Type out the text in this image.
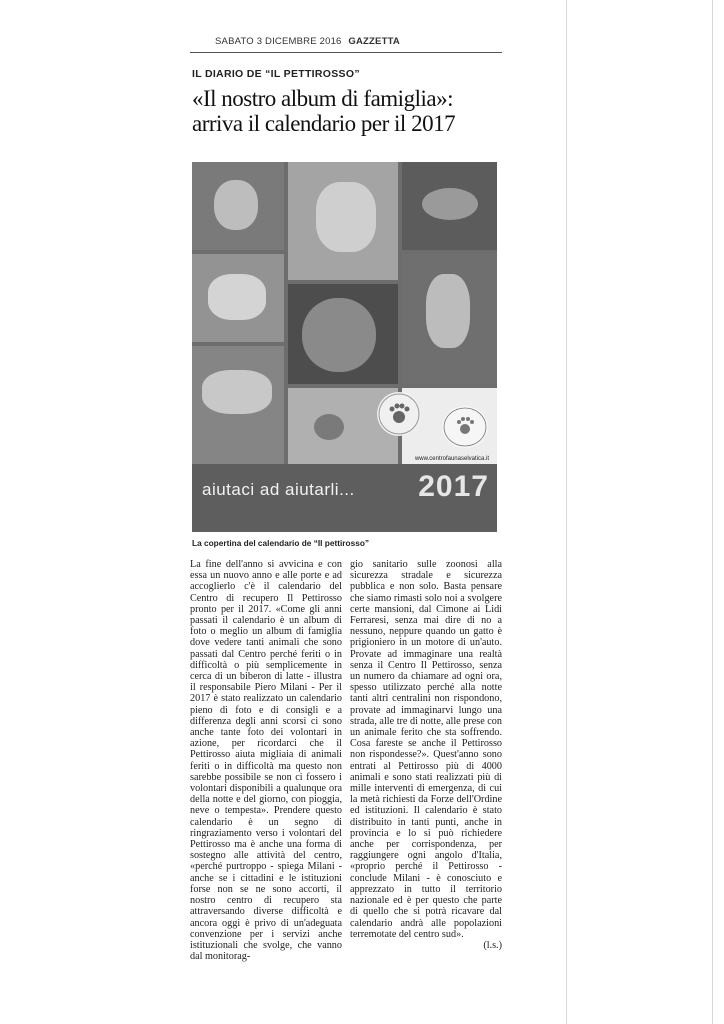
SABATO 3 DICEMBRE 2016 GAZZETTA
IL DIARIO DE “IL PETTIROSSO”
«Il nostro album di famiglia»: arriva il calendario per il 2017
www.centrofaunaselvatica.it
aiutaci ad aiutarli... 2017
La copertina del calendario de “Il pettirosso”

La fine dell'anno si avvicina e con essa un nuovo anno e alle porte e ad accoglierlo c'è il calendario del Centro di recupero Il Pettirosso pronto per il 2017. «Come gli anni passati il calendario è un album di foto o meglio un album di famiglia dove vedere tanti animali che sono passati dal Centro perché feriti o in difficoltà o più semplicemente in cerca di un biberon di latte - illustra il responsabile Piero Milani - Per il 2017 è stato realizzato un calendario pieno di foto e di consigli e a differenza degli anni scorsi ci sono anche tante foto dei volontari in azione, per ricordarci che il Pettirosso aiuta migliaia di animali feriti o in difficoltà ma questo non sarebbe possibile se non ci fossero i volontari disponibili a qualunque ora della notte e del giorno, con pioggia, neve o tempesta». Prendere questo calendario è un segno di ringraziamento verso i volontari del Pettirosso ma è anche una forma di sostegno alle attività del centro, «perché purtroppo - spiega Milani - anche se i cittadini e le istituzioni forse non se ne sono accorti, il nostro centro di recupero sta attraversando diverse difficoltà e ancora oggi è privo di un'adeguata convenzione per i servizi anche istituzionali che svolge, che vanno dal monitorag-

gio sanitario sulle zoonosi alla sicurezza stradale e sicurezza pubblica e non solo. Basta pensare che siamo rimasti solo noi a svolgere certe mansioni, dal Cimone ai Lidi Ferraresi, senza mai dire di no a nessuno, neppure quando un gatto è prigioniero in un motore di un'auto. Provate ad immaginare una realtà senza il Centro Il Pettirosso, senza un numero da chiamare ad ogni ora, spesso utilizzato perché alla notte tanti altri centralini non rispondono, provate ad immaginarvi lungo una strada, alle tre di notte, alle prese con un animale ferito che sta soffrendo. Cosa fareste se anche il Pettirosso non rispondesse?». Quest'anno sono entrati al Pettirosso più di 4000 animali e sono stati realizzati più di mille interventi di emergenza, di cui la metà richiesti da Forze dell'Ordine ed istituzioni. Il calendario è stato distribuito in tanti punti, anche in provincia e lo si può richiedere anche per corrispondenza, per raggiungere ogni angolo d'Italia, «proprio perché il Pettirosso - conclude Milani - è conosciuto e apprezzato in tutto il territorio nazionale ed è per questo che parte di quello che si potrà ricavare dal calendario andrà alle popolazioni terremotate del centro sud».

(l.s.)
